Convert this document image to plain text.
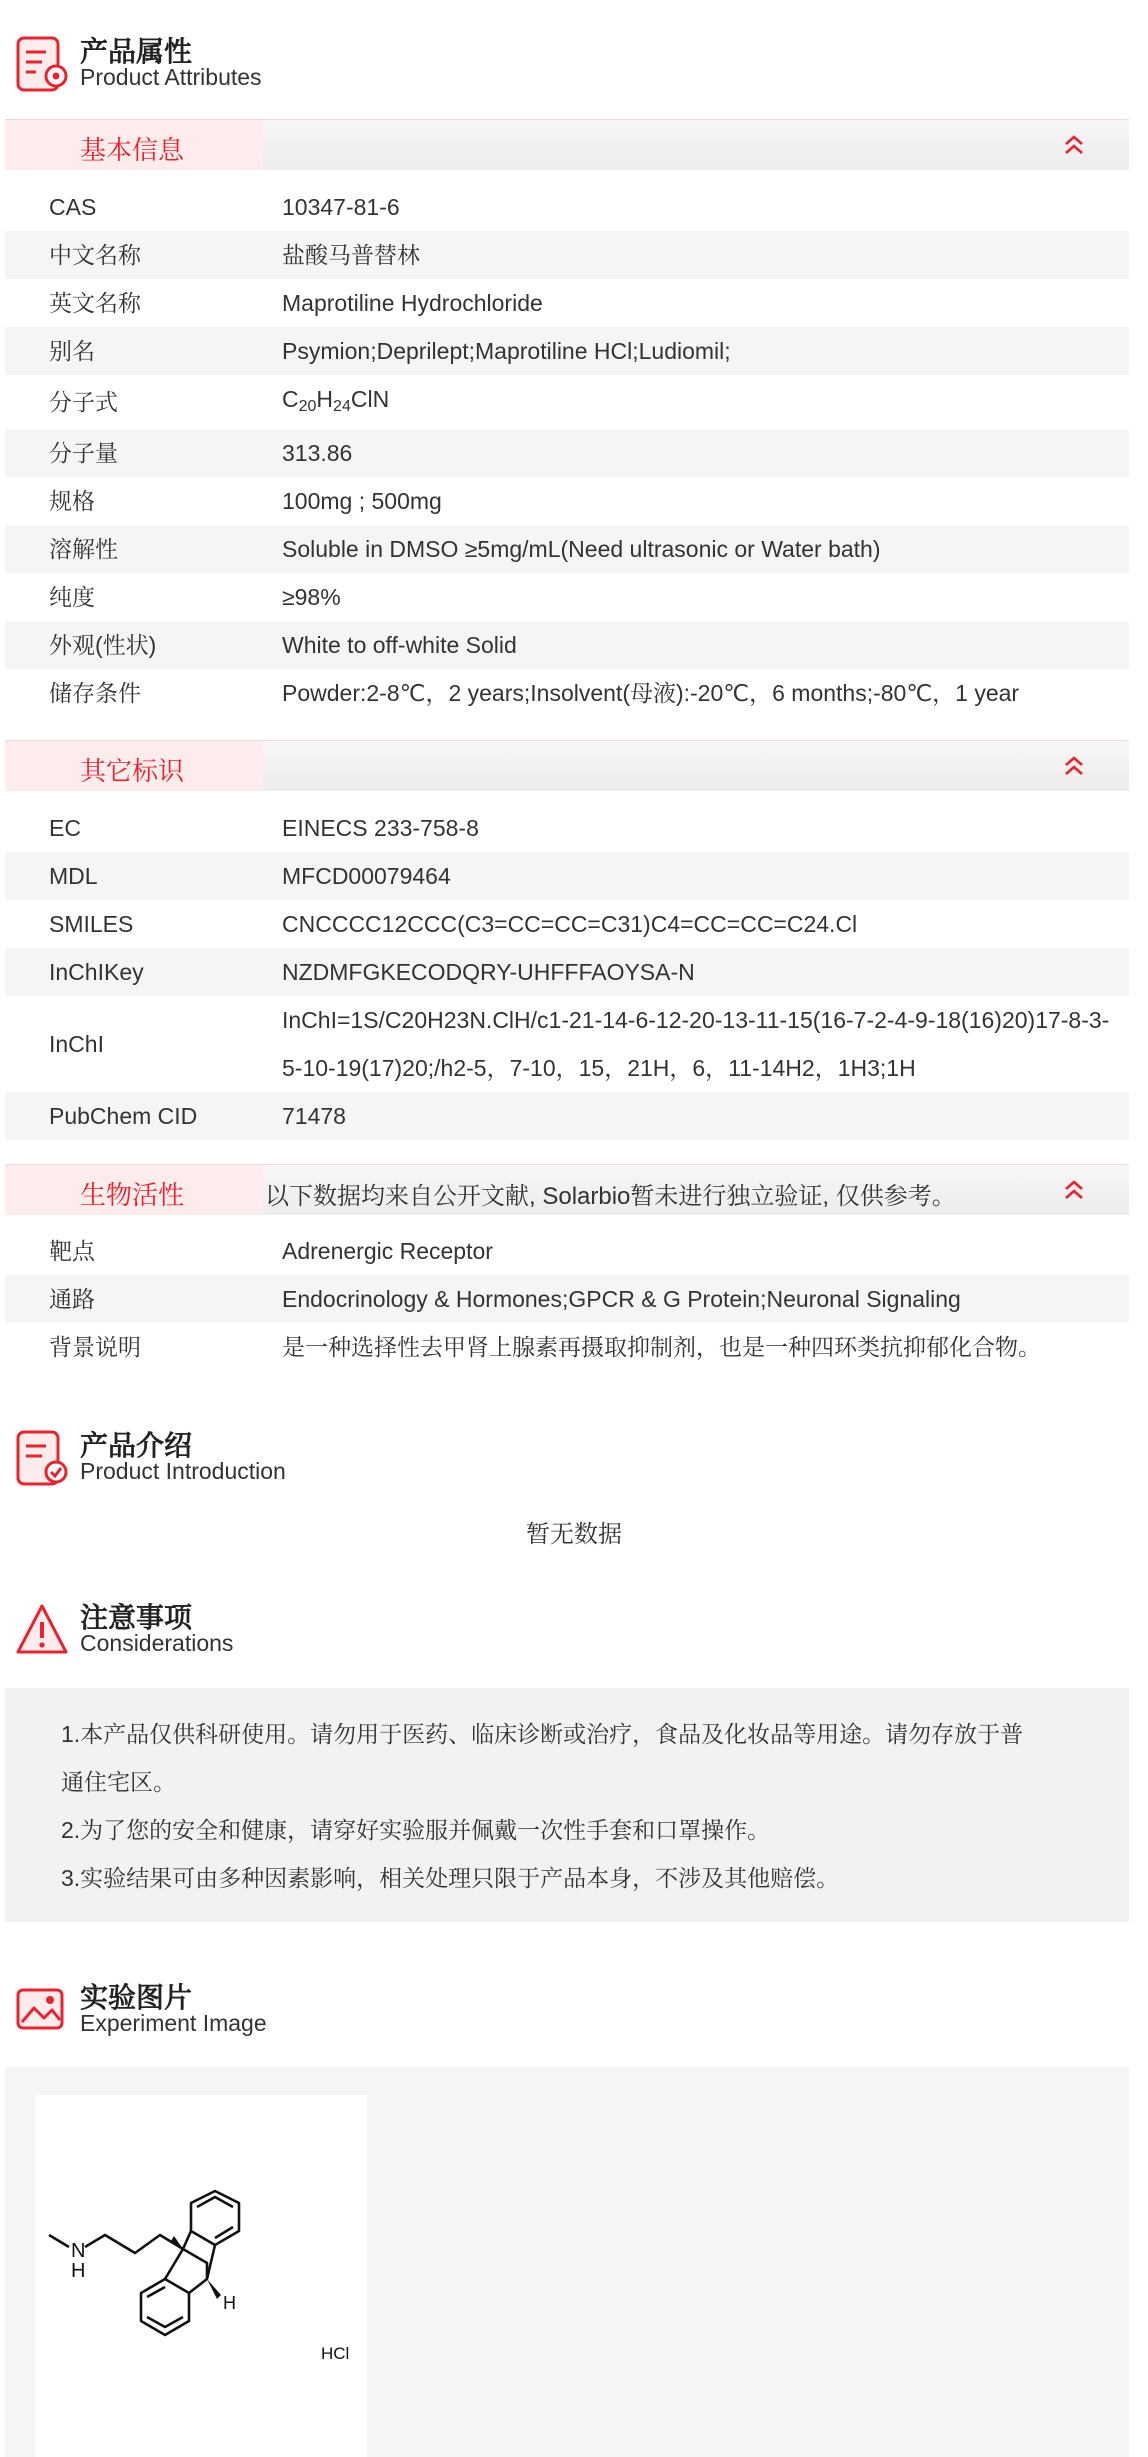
产品属性
Product Attributes
基本信息
CAS	10347-81-6
中文名称	盐酸马普替林
英文名称	Maprotiline Hydrochloride
别名	Psymion;Deprilept;Maprotiline HCl;Ludiomil;
分子式	$C_{20}H_{24}ClN$
分子量	313.86
规格	100mg ; 500mg
溶解性	Soluble in DMSO ≥5mg/mL(Need ultrasonic or Water bath)
纯度	≥98%
外观(性状)	White to off-white Solid
储存条件	Powder:2-8℃，2 years;Insolvent(母液):-20℃，6 months;-80℃，1 year
其它标识
EC	EINECS 233-758-8
MDL	MFCD00079464
SMILES	CNCCCC12CCC(C3=CC=CC=C31)C4=CC=CC=C24.Cl
InChIKey	NZDMFGKECODQRY-UHFFFAOYSA-N
InChI
InChI=1S/C20H23N.ClH/c1-21-14-6-12-20-13-11-15(16-7-2-4-9-18(16)20)17-8-3-5-10-19(17)20;/h2-5，7-10，15，21H，6，11-14H2，1H3;1H
PubChem CID	71478
生物活性	以下数据均来自公开文献, Solarbio暂未进行独立验证, 仅供参考。
靶点	Adrenergic Receptor
通路	Endocrinology & Hormones;GPCR & G Protein;Neuronal Signaling
背景说明	是一种选择性去甲肾上腺素再摄取抑制剂，也是一种四环类抗抑郁化合物。
产品介绍
Product Introduction
暂无数据
注意事项
Considerations
1.本产品仅供科研使用。请勿用于医药、临床诊断或治疗，食品及化妆品等用途。请勿存放于普
通住宅区。
2.为了您的安全和健康，请穿好实验服并佩戴一次性手套和口罩操作。
3.实验结果可由多种因素影响，相关处理只限于产品本身，不涉及其他赔偿。
实验图片
Experiment Image
N
H
H
HCl
